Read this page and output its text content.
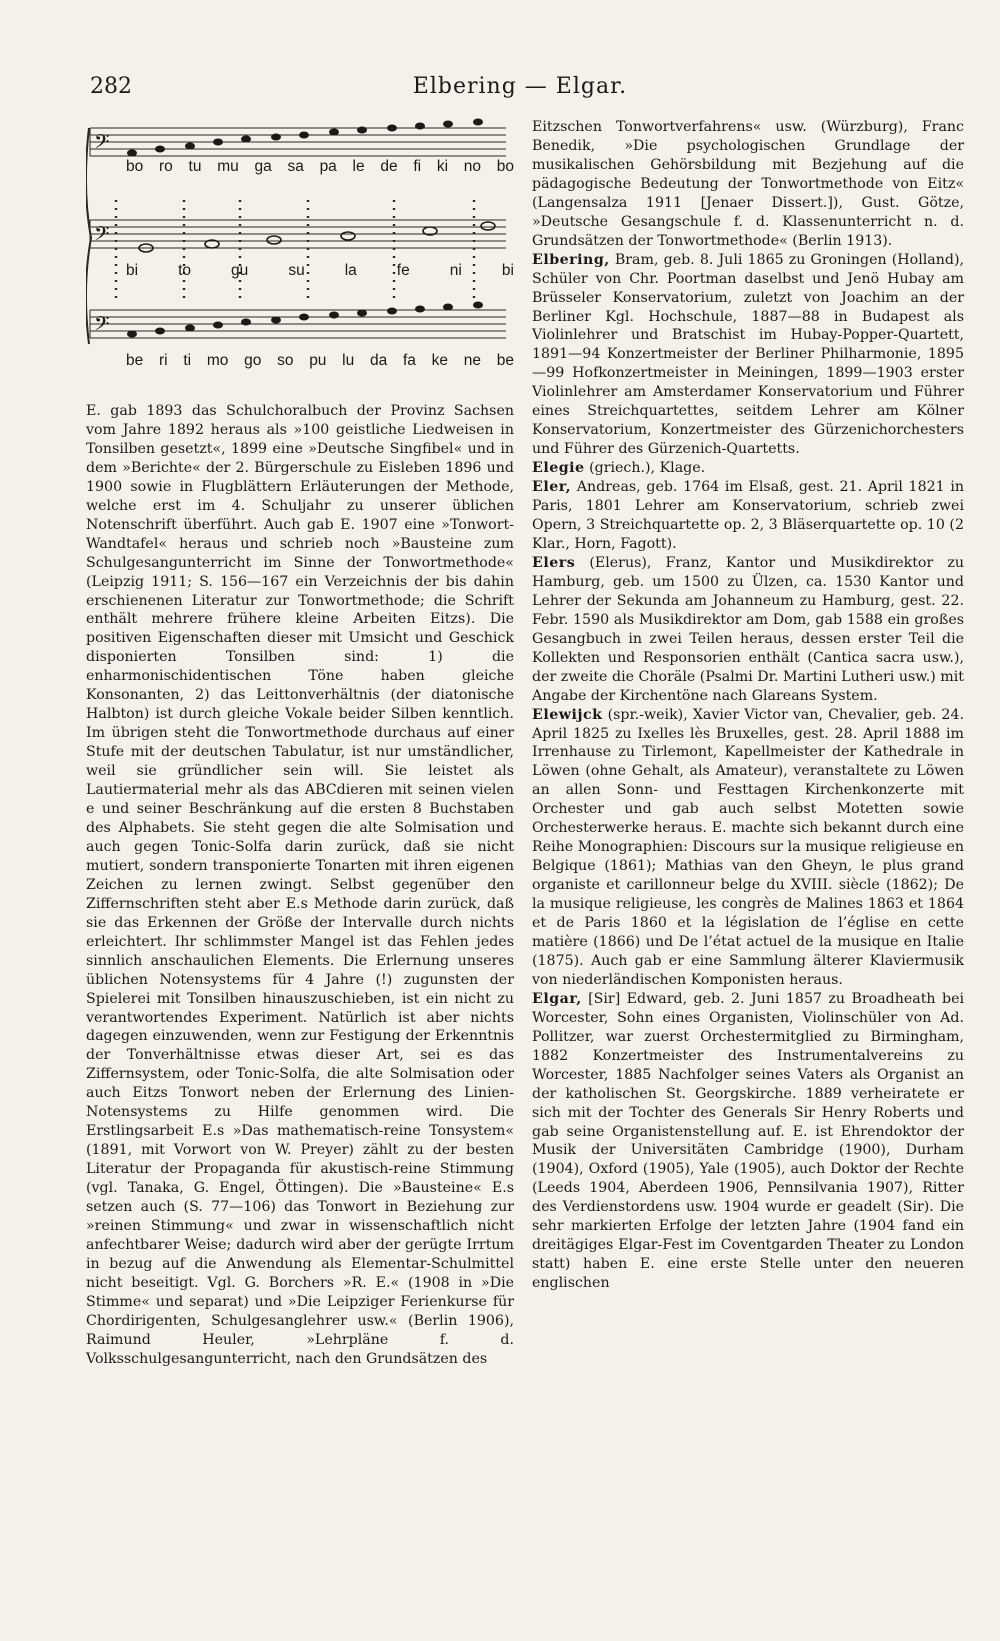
282	Elbering — Elgar.
𝄢
𝄢
𝄢
bo ro tu mu ga sa pa le de fi ki no bo
bi	to	gu	su	la	fe	ni	bi
be ri ti mo go so pu lu da fa ke ne be

E. gab 1893 das Schulchoralbuch der Provinz Sachsen vom Jahre 1892 heraus als »100 geistliche Liedweisen in Tonsilben gesetzt«, 1899 eine »Deutsche Singfibel« und in dem »Berichte« der 2. Bürgerschule zu Eisleben 1896 und 1900 sowie in Flugblättern Erläuterungen der Methode, welche erst im 4. Schuljahr zu unserer üblichen Notenschrift überführt. Auch gab E. 1907 eine »Tonwort-Wandtafel« heraus und schrieb noch »Bausteine zum Schulgesangunterricht im Sinne der Tonwortmethode« (Leipzig 1911; S. 156—167 ein Verzeichnis der bis dahin erschienenen Literatur zur Tonwortmethode; die Schrift enthält mehrere frühere kleine Arbeiten Eitzs). Die positiven Eigenschaften dieser mit Umsicht und Geschick disponierten Tonsilben sind: 1) die enharmonischidentischen Töne haben gleiche Konsonanten, 2) das Leittonverhältnis (der diatonische Halbton) ist durch gleiche Vokale beider Silben kenntlich. Im übrigen steht die Tonwortmethode durchaus auf einer Stufe mit der deutschen Tabulatur, ist nur umständlicher, weil sie gründlicher sein will. Sie leistet als Lautiermaterial mehr als das ABCdieren mit seinen vielen e und seiner Beschränkung auf die ersten 8 Buchstaben des Alphabets. Sie steht gegen die alte Solmisation und auch gegen Tonic-Solfa darin zurück, daß sie nicht mutiert, sondern transponierte Tonarten mit ihren eigenen Zeichen zu lernen zwingt. Selbst gegenüber den Ziffernschriften steht aber E.s Methode darin zurück, daß sie das Erkennen der Größe der Intervalle durch nichts erleichtert. Ihr schlimmster Mangel ist das Fehlen jedes sinnlich anschaulichen Elements. Die Erlernung unseres üblichen Notensystems für 4 Jahre (!) zugunsten der Spielerei mit Tonsilben hinauszuschieben, ist ein nicht zu verantwortendes Experiment. Natürlich ist aber nichts dagegen einzuwenden, wenn zur Festigung der Erkenntnis der Tonverhältnisse etwas dieser Art, sei es das Ziffernsystem, oder Tonic-Solfa, die alte Solmisation oder auch Eitzs Tonwort neben der Erlernung des Linien-Notensystems zu Hilfe genommen wird. Die Erstlingsarbeit E.s »Das mathematisch-reine Tonsystem« (1891, mit Vorwort von W. Preyer) zählt zu der besten Literatur der Propaganda für akustisch-reine Stimmung (vgl. Tanaka, G. Engel, Öttingen). Die »Bausteine« E.s setzen auch (S. 77—106) das Tonwort in Beziehung zur »reinen Stimmung« und zwar in wissenschaftlich nicht anfechtbarer Weise; dadurch wird aber der gerügte Irrtum in bezug auf die Anwendung als Elementar-Schulmittel nicht beseitigt. Vgl. G. Borchers »R. E.« (1908 in »Die Stimme« und separat) und »Die Leipziger Ferienkurse für Chordirigenten, Schulgesanglehrer usw.« (Berlin 1906), Raimund Heuler, »Lehrpläne f. d. Volksschulgesangunterricht, nach den Grundsätzen des

Eitzschen Tonwortverfahrens« usw. (Würzburg), Franc Benedik, »Die psychologischen Grundlage der musikalischen Gehörsbildung mit Bezjehung auf die pädagogische Bedeutung der Tonwortmethode von Eitz« (Langensalza 1911 [Jenaer Dissert.]), Gust. Götze, »Deutsche Gesangschule f. d. Klassenunterricht n. d. Grundsätzen der Tonwortmethode« (Berlin 1913).

Elbering, Bram, geb. 8. Juli 1865 zu Groningen (Holland), Schüler von Chr. Poortman daselbst und Jenö Hubay am Brüsseler Konservatorium, zuletzt von Joachim an der Berliner Kgl. Hochschule, 1887—88 in Budapest als Violinlehrer und Bratschist im Hubay-Popper-Quartett, 1891—94 Konzertmeister der Berliner Philharmonie, 1895—99 Hofkonzertmeister in Meiningen, 1899—1903 erster Violinlehrer am Amsterdamer Konservatorium und Führer eines Streichquartettes, seitdem Lehrer am Kölner Konservatorium, Konzertmeister des Gürzenichorchesters und Führer des Gürzenich-Quartetts.

Elegie (griech.), Klage.

Eler, Andreas, geb. 1764 im Elsaß, gest. 21. April 1821 in Paris, 1801 Lehrer am Konservatorium, schrieb zwei Opern, 3 Streichquartette op. 2, 3 Bläserquartette op. 10 (2 Klar., Horn, Fagott).

Elers (Elerus), Franz, Kantor und Musikdirektor zu Hamburg, geb. um 1500 zu Ülzen, ca. 1530 Kantor und Lehrer der Sekunda am Johanneum zu Hamburg, gest. 22. Febr. 1590 als Musikdirektor am Dom, gab 1588 ein großes Gesangbuch in zwei Teilen heraus, dessen erster Teil die Kollekten und Responsorien enthält (Cantica sacra usw.), der zweite die Choräle (Psalmi Dr. Martini Lutheri usw.) mit Angabe der Kirchentöne nach Glareans System.

Elewijck (spr.-weik), Xavier Victor van, Chevalier, geb. 24. April 1825 zu Ixelles lès Bruxelles, gest. 28. April 1888 im Irrenhause zu Tirlemont, Kapellmeister der Kathedrale in Löwen (ohne Gehalt, als Amateur), veranstaltete zu Löwen an allen Sonn- und Festtagen Kirchenkonzerte mit Orchester und gab auch selbst Motetten sowie Orchesterwerke heraus. E. machte sich bekannt durch eine Reihe Monographien: Discours sur la musique religieuse en Belgique (1861); Mathias van den Gheyn, le plus grand organiste et carillonneur belge du XVIII. siècle (1862); De la musique religieuse, les congrès de Malines 1863 et 1864 et de Paris 1860 et la législation de l’église en cette matière (1866) und De l’état actuel de la musique en Italie (1875). Auch gab er eine Sammlung älterer Klaviermusik von niederländischen Komponisten heraus.

Elgar, [Sir] Edward, geb. 2. Juni 1857 zu Broadheath bei Worcester, Sohn eines Organisten, Violinschüler von Ad. Pollitzer, war zuerst Orchestermitglied zu Birmingham, 1882 Konzertmeister des Instrumentalvereins zu Worcester, 1885 Nachfolger seines Vaters als Organist an der katholischen St. Georgskirche. 1889 verheiratete er sich mit der Tochter des Generals Sir Henry Roberts und gab seine Organistenstellung auf. E. ist Ehrendoktor der Musik der Universitäten Cambridge (1900), Durham (1904), Oxford (1905), Yale (1905), auch Doktor der Rechte (Leeds 1904, Aberdeen 1906, Pennsilvania 1907), Ritter des Verdienstordens usw. 1904 wurde er geadelt (Sir). Die sehr markierten Erfolge der letzten Jahre (1904 fand ein dreitägiges Elgar-Fest im Coventgarden Theater zu London statt) haben E. eine erste Stelle unter den neueren englischen
